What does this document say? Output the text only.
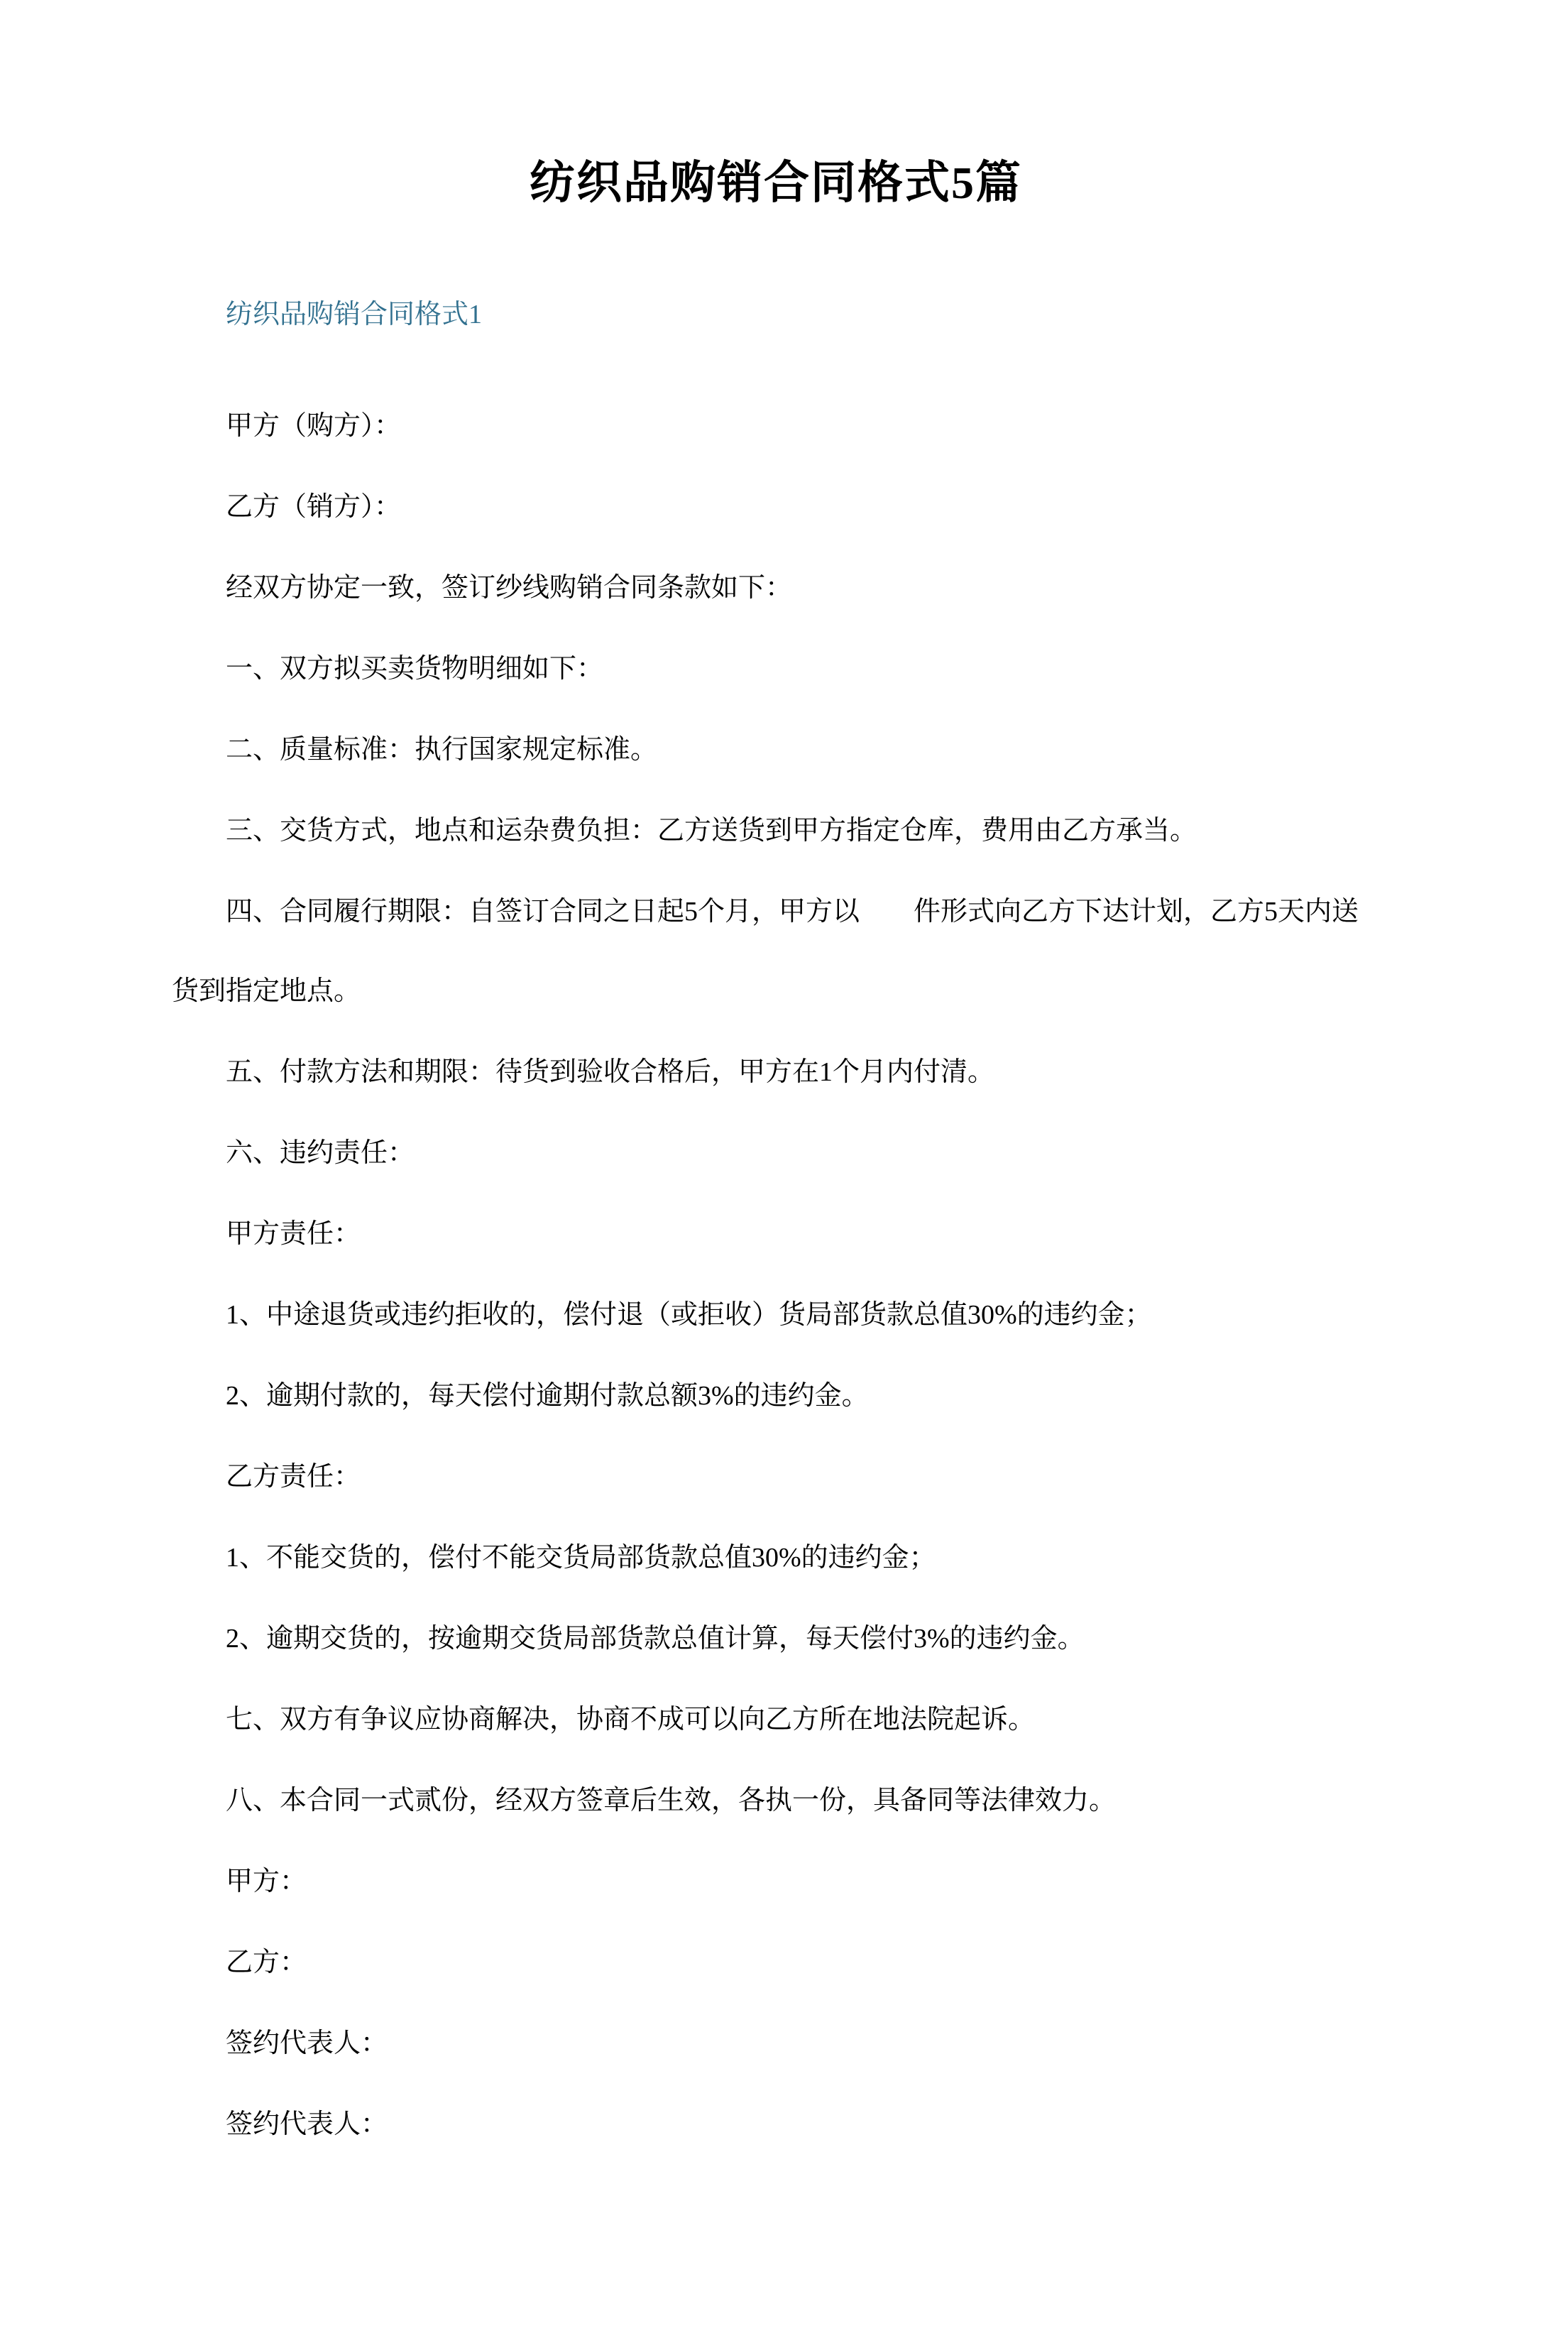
纺织品购销合同格式5篇
纺织品购销合同格式1

甲方（购方）：

乙方（销方）：

经双方协定一致，签订纱线购销合同条款如下：

一、双方拟买卖货物明细如下：

二、质量标准：执行国家规定标准。

三、交货方式，地点和运杂费负担：乙方送货到甲方指定仓库，费用由乙方承当。

四、合同履行期限：自签订合同之日起5个月，甲方以　　件形式向乙方下达计划，乙方5天内送货到指定地点。

五、付款方法和期限：待货到验收合格后，甲方在1个月内付清。

六、违约责任：

甲方责任：

1、中途退货或违约拒收的，偿付退（或拒收）货局部货款总值30%的违约金；

2、逾期付款的，每天偿付逾期付款总额3%的违约金。

乙方责任：

1、不能交货的，偿付不能交货局部货款总值30%的违约金；

2、逾期交货的，按逾期交货局部货款总值计算，每天偿付3%的违约金。

七、双方有争议应协商解决，协商不成可以向乙方所在地法院起诉。

八、本合同一式贰份，经双方签章后生效，各执一份，具备同等法律效力。

甲方：

乙方：

签约代表人：

签约代表人：
